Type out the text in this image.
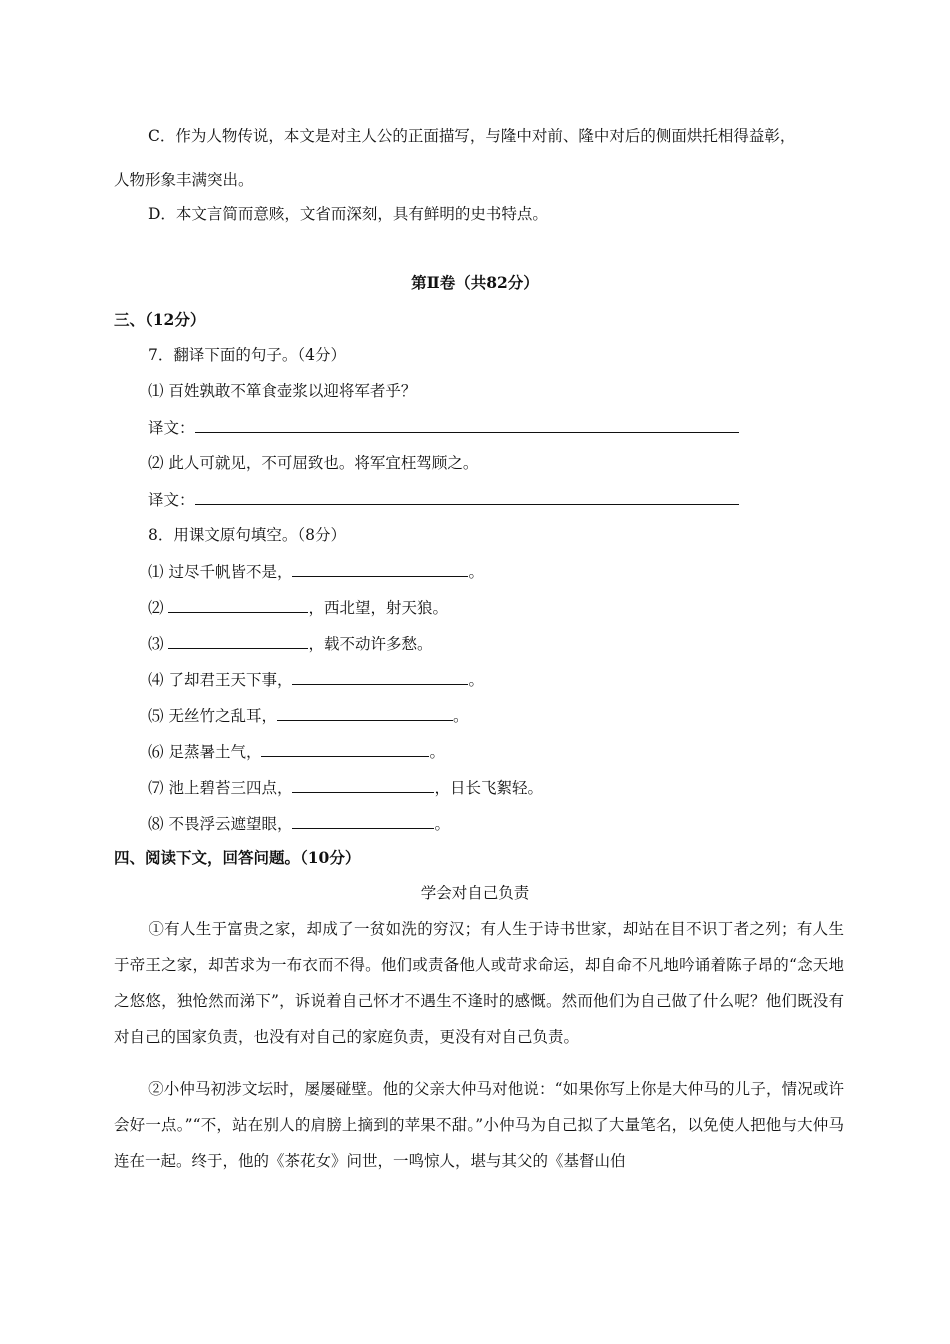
C．作为人物传说，本文是对主人公的正面描写，与隆中对前、隆中对后的侧面烘托相得益彰，
人物形象丰满突出。
D．本文言简而意赅，文省而深刻，具有鲜明的史书特点。
第Ⅱ卷（共82分）
三、（12分）
7．翻译下面的句子。（4分）
⑴ 百姓孰敢不箪食壶浆以迎将军者乎？
译文：
⑵ 此人可就见，不可屈致也。将军宜枉驾顾之。
译文：
8．用课文原句填空。（8分）
⑴ 过尽千帆皆不是，	。
⑵	，西北望，射天狼。
⑶	，载不动许多愁。
⑷ 了却君王天下事，	。
⑸ 无丝竹之乱耳，	。
⑹ 足蒸暑土气，	。
⑺ 池上碧苔三四点，	，日长飞絮轻。
⑻ 不畏浮云遮望眼，	。
四、阅读下文，回答问题。（10分）
学会对自己负责
①有人生于富贵之家，却成了一贫如洗的穷汉；有人生于诗书世家，却站在目不识丁者之列；有人生于帝王之家，却苦求为一布衣而不得。他们或责备他人或苛求命运，却自命不凡地吟诵着陈子昂的“念天地之悠悠，独怆然而涕下”，诉说着自己怀才不遇生不逢时的感慨。然而他们为自己做了什么呢？他们既没有对自己的国家负责，也没有对自己的家庭负责，更没有对自己负责。
②小仲马初涉文坛时，屡屡碰壁。他的父亲大仲马对他说：“如果你写上你是大仲马的儿子，情况或许会好一点。”“不，站在别人的肩膀上摘到的苹果不甜。”小仲马为自己拟了大量笔名，以免使人把他与大仲马连在一起。终于，他的《茶花女》问世，一鸣惊人，堪与其父的《基督山伯
